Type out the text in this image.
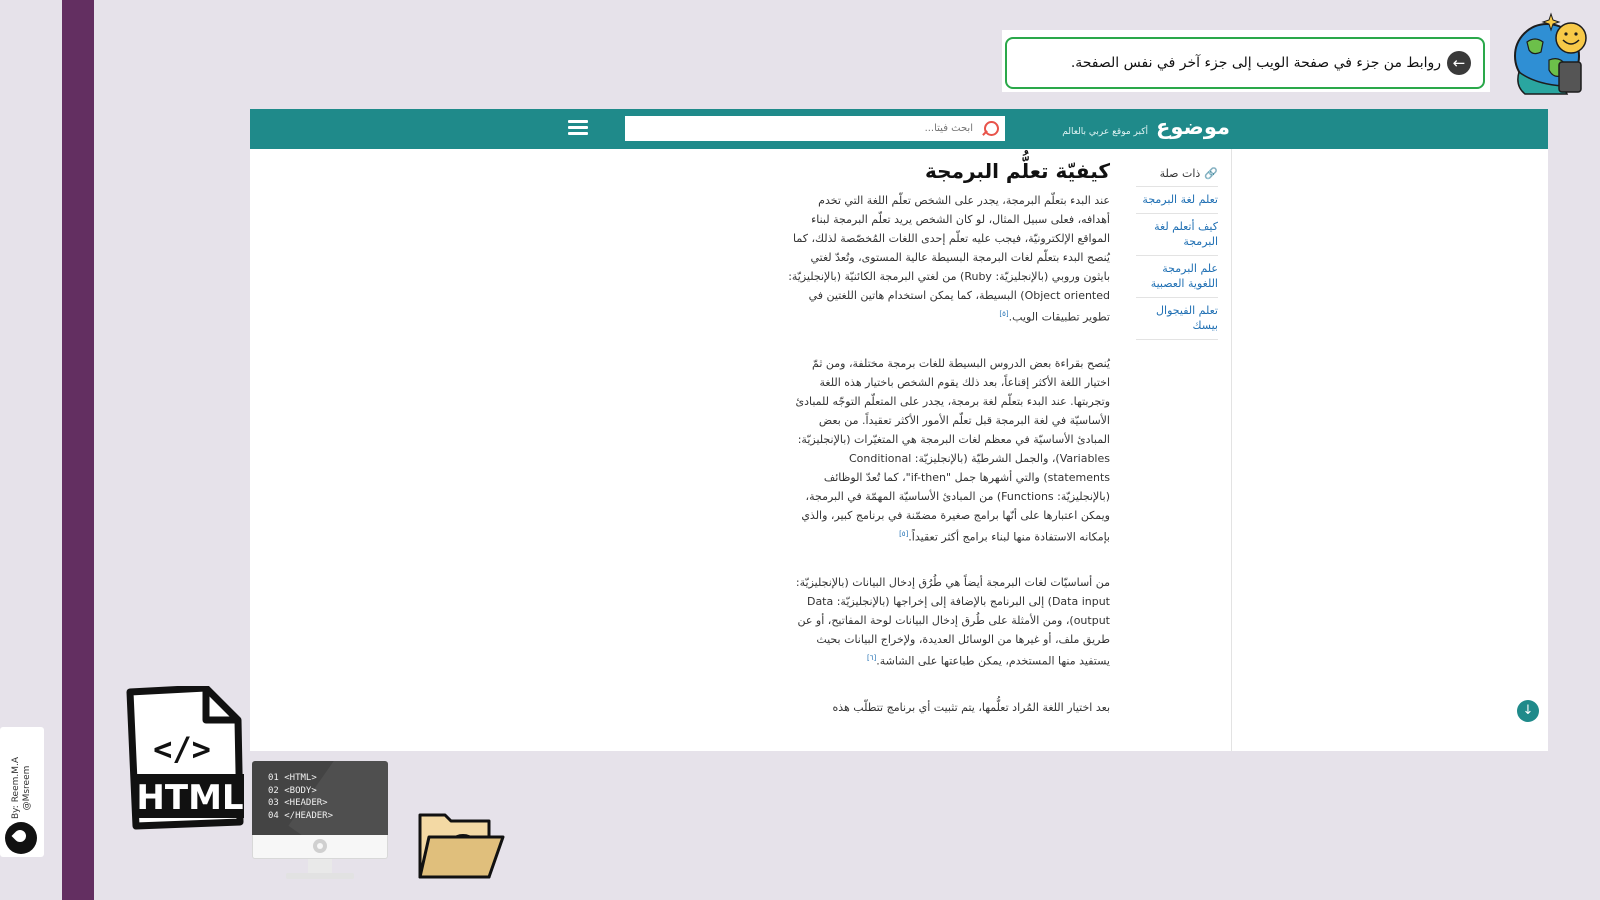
By: Reem.M.A @Msreem
←
روابط من جزء في صفحة الويب إلى جزء آخر في نفس الصفحة.
موضوع
أكبر موقع عربي بالعالم
ابحث فيتا...
🔗ذات صلة
تعلم لغة البرمجة
كيف أتعلم لغة البرمجة
علم البرمجة اللغوية العصبية
تعلم الفيجوال بيسك
كيفيّة تعلُّم البرمجة

عند البدء بتعلّم البرمجة، يجدر على الشخص تعلّم اللغة التي تخدم أهدافه، فعلى سبيل المثال، لو كان الشخص يريد تعلّم البرمجة لبناء المواقع الإلكترونيّة، فيجب عليه تعلّم إحدى اللغات المُخصّصة لذلك، كما يُنصح البدء بتعلّم لغات البرمجة البسيطة عالية المستوى، وتُعدّ لغتي بايثون وروبي (بالإنجليزيّة: Ruby) من لغتي البرمجة الكائنيّة (بالإنجليزيّة: Object oriented) البسيطة، كما يمكن استخدام هاتين اللغتين في تطوير تطبيقات الويب.[٥]

يُنصح بقراءة بعض الدروس البسيطة للغات برمجة مختلفة، ومن ثمّ اختيار اللغة الأكثر إقناعاً، بعد ذلك يقوم الشخص باختيار هذه اللغة وتجربتها. عند البدء بتعلّم لغة برمجة، يجدر على المتعلّم التوجّه للمبادئ الأساسيّة في لغة البرمجة قبل تعلّم الأمور الأكثر تعقيداً. من بعض المبادئ الأساسيّة في معظم لغات البرمجة هي المتغيّرات (بالإنجليزيّة: Variables)، والجمل الشرطيّة (بالإنجليزيّة: Conditional statements) والتي أشهرها جمل "if-then"، كما تُعدّ الوظائف (بالإنجليزيّة: Functions) من المبادئ الأساسيّة المهمّة في البرمجة، ويمكن اعتبارها على أنّها برامج صغيرة مضمّنة في برنامج كبير، والذي بإمكانه الاستفادة منها لبناء برامج أكثر تعقيداً.[٥]

من أساسيّات لغات البرمجة أيضاً هي طُرُق إدخال البيانات (بالإنجليزيّة: Data input) إلى البرنامج بالإضافة إلى إخراجها (بالإنجليزيّة: Data output)، ومن الأمثلة على طُرق إدخال البيانات لوحة المفاتيح، أو عن طريق ملف، أو غيرها من الوسائل العديدة، ولإخراج البيانات بحيث يستفيد منها المستخدم، يمكن طباعتها على الشاشة.[٦]

بعد اختيار اللغة المُراد تعلُّمها، يتم تثبيت أي برنامج تتطلّب هذه	↓
</>
HTML	01 <HTML>
02 <BODY>
03 <HEADER>
04 </HEADER>
